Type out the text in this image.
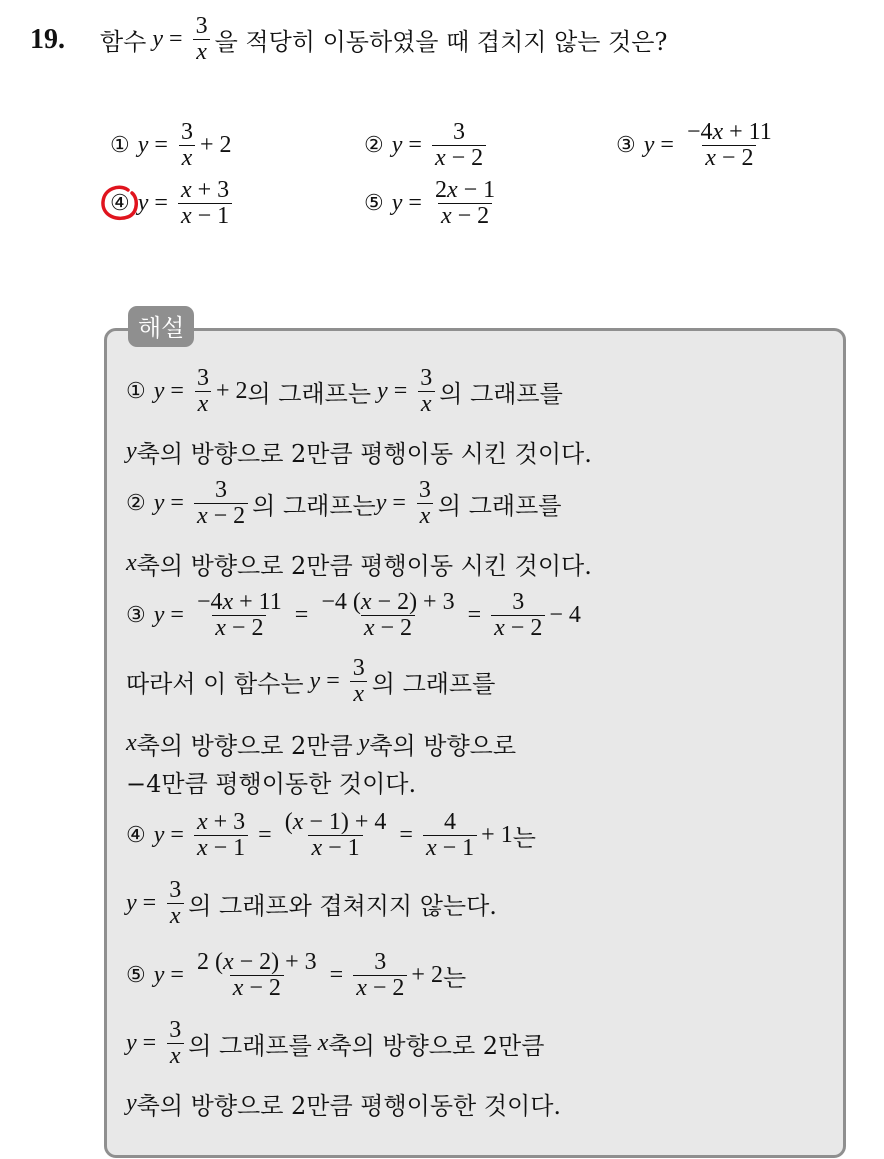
19. 함수 $y = \frac{3}{x}$ 을 적당히 이동하였을 때 겹치지 않는 것은?
① $y = \frac{3}{x} + 2$	② $y = \frac{3}{x - 2}$	③ $y = \frac{-4x + 11}{x - 2}$
④ $y = \frac{x + 3}{x - 1}$	⑤ $y = \frac{2x - 1}{x - 2}$
해설
① $y = \frac{3}{x} + 2$ 의 그래프는 $y = \frac{3}{x}$ 의 그래프를
y 축의 방향으로 2만큼 평행이동 시킨 것이다.
② $y = \frac{3}{x - 2}$ 의 그래프는 $y = \frac{3}{x}$ 의 그래프를
x 축의 방향으로 2만큼 평행이동 시킨 것이다.
③ $y = \frac{-4x + 11}{x - 2} = \frac{-4 (x - 2) + 3}{x - 2} = \frac{3}{x - 2} - 4$
따라서 이 함수는 $y = \frac{3}{x}$ 의 그래프를
x 축의 방향으로 2만큼 y 축의 방향으로
−4만큼 평행이동한 것이다.
④ $y = \frac{x + 3}{x - 1} = \frac{(x - 1) + 4}{x - 1} = \frac{4}{x - 1} + 1$ 는
$y = \frac{3}{x}$ 의 그래프와 겹쳐지지 않는다.
⑤ $y = \frac{2 (x - 2) + 3}{x - 2} = \frac{3}{x - 2} + 2$ 는
$y = \frac{3}{x}$ 의 그래프를 x 축의 방향으로 2만큼
y 축의 방향으로 2만큼 평행이동한 것이다.
